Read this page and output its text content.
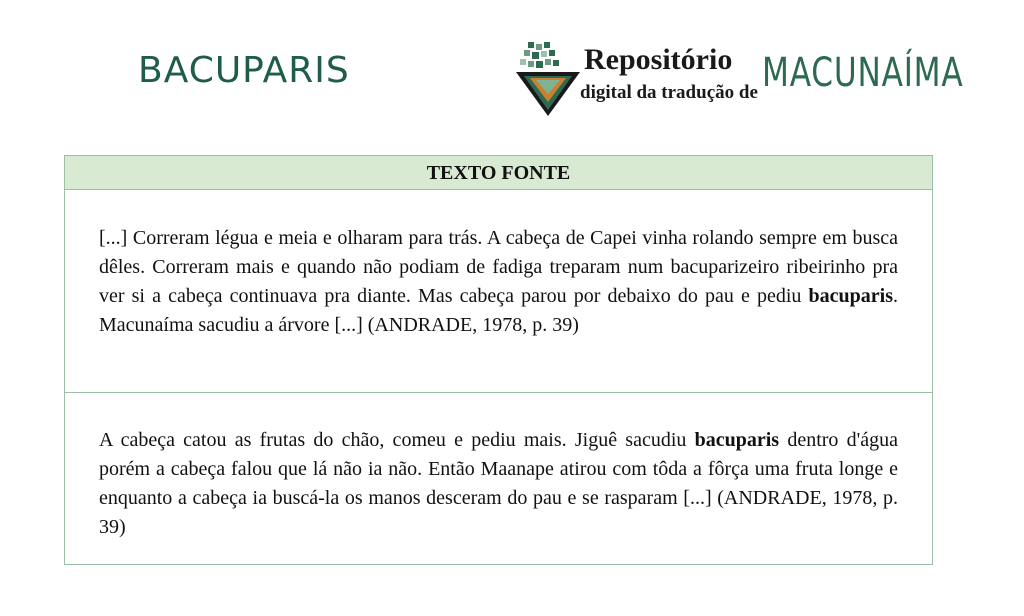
BACUPARIS	Repositório
digital da tradução de MACUNAÍMA
TEXTO FONTE

[...] Correram légua e meia e olharam para trás. A cabeça de Capei vinha rolando sempre em busca dêles. Correram mais e quando não podiam de fadiga treparam num bacuparizeiro ribeirinho pra ver si a cabeça continuava pra diante. Mas cabeça parou por debaixo do pau e pediu bacuparis. Macunaíma sacudiu a árvore [...] (ANDRADE, 1978, p. 39)

A cabeça catou as frutas do chão, comeu e pediu mais. Jiguê sacudiu bacuparis dentro d'água porém a cabeça falou que lá não ia não. Então Maanape atirou com tôda a fôrça uma fruta longe e enquanto a cabeça ia buscá-la os manos desceram do pau e se rasparam [...] (ANDRADE, 1978, p. 39)
